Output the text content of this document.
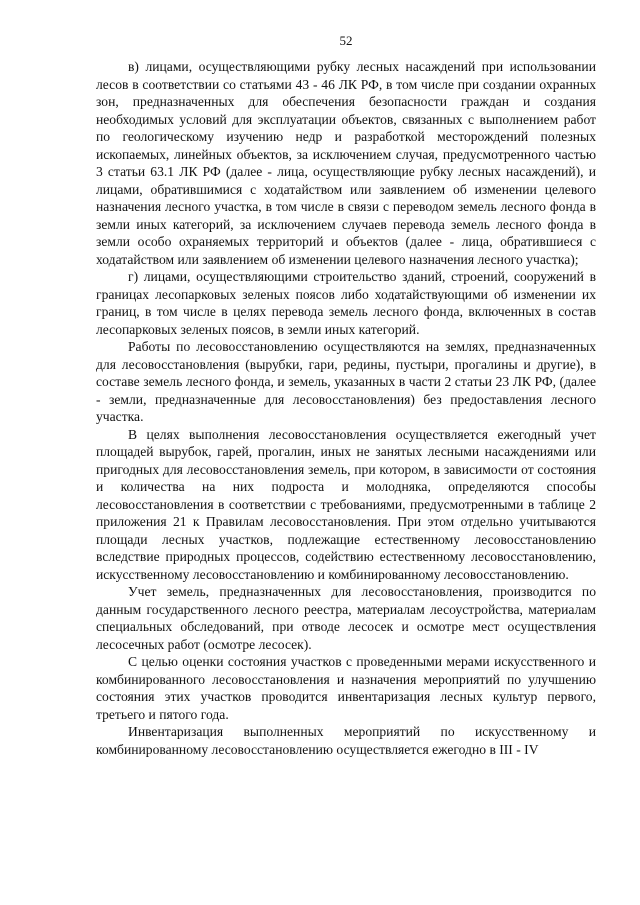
52

в) лицами, осуществляющими рубку лесных насаждений при использовании лесов в соответствии со статьями 43 - 46 ЛК РФ, в том числе при создании охранных зон, предназначенных для обеспечения безопасности граждан и создания необходимых условий для эксплуатации объектов, связанных с выполнением работ по геологическому изучению недр и разработкой месторождений полезных ископаемых, линейных объектов, за исключением случая, предусмотренного частью 3 статьи 63.1 ЛК РФ (далее - лица, осуществляющие рубку лесных насаждений), и лицами, обратившимися с ходатайством или заявлением об изменении целевого назначения лесного участка, в том числе в связи с переводом земель лесного фонда в земли иных категорий, за исключением случаев перевода земель лесного фонда в земли особо охраняемых территорий и объектов (далее - лица, обратившиеся с ходатайством или заявлением об изменении целевого назначения лесного участка);

г) лицами, осуществляющими строительство зданий, строений, сооружений в границах лесопарковых зеленых поясов либо ходатайствующими об изменении их границ, в том числе в целях перевода земель лесного фонда, включенных в состав лесопарковых зеленых поясов, в земли иных категорий.

Работы по лесовосстановлению осуществляются на землях, предназначенных для лесовосстановления (вырубки, гари, редины, пустыри, прогалины и другие), в составе земель лесного фонда, и земель, указанных в части 2 статьи 23 ЛК РФ, (далее - земли, предназначенные для лесовосстановления) без предоставления лесного участка.

В целях выполнения лесовосстановления осуществляется ежегодный учет площадей вырубок, гарей, прогалин, иных не занятых лесными насаждениями или пригодных для лесовосстановления земель, при котором, в зависимости от состояния и количества на них подроста и молодняка, определяются способы лесовосстановления в соответствии с требованиями, предусмотренными в таблице 2 приложения 21 к Правилам лесовосстановления. При этом отдельно учитываются площади лесных участков, подлежащие естественному лесовосстановлению вследствие природных процессов, содействию естественному лесовосстановлению, искусственному лесовосстановлению и комбинированному лесовосстановлению.

Учет земель, предназначенных для лесовосстановления, производится по данным государственного лесного реестра, материалам лесоустройства, материалам специальных обследований, при отводе лесосек и осмотре мест осуществления лесосечных работ (осмотре лесосек).

С целью оценки состояния участков с проведенными мерами искусственного и комбинированного лесовосстановления и назначения мероприятий по улучшению состояния этих участков проводится инвентаризация лесных культур первого, третьего и пятого года.

Инвентаризация выполненных мероприятий по искусственному и комбинированному лесовосстановлению осуществляется ежегодно в III - IV
